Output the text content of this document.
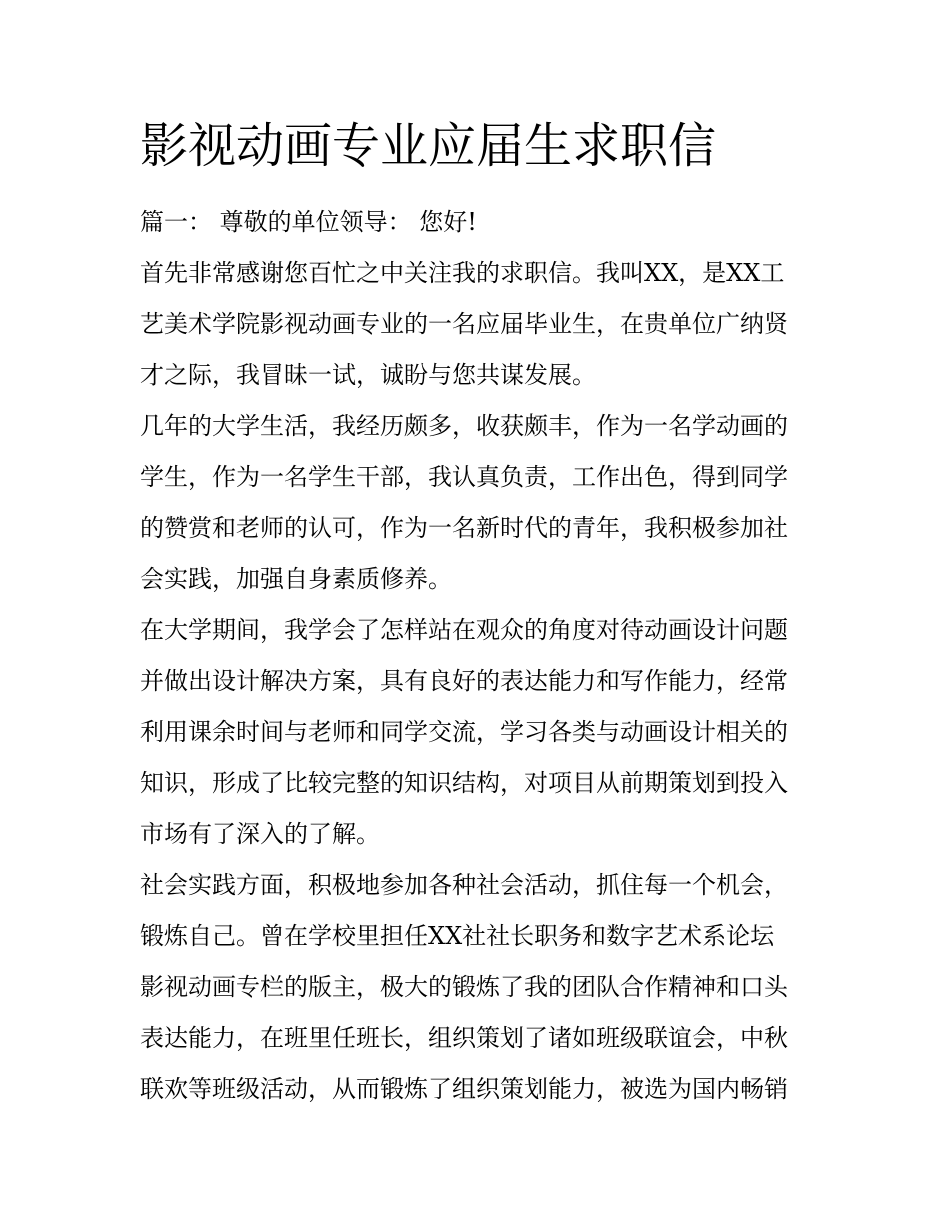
影视动画专业应届生求职信
篇一： 尊敬的单位领导： 您好!
首先非常感谢您百忙之中关注我的求职信。我叫XX，是XX工
艺美术学院影视动画专业的一名应届毕业生，在贵单位广纳贤
才之际，我冒昧一试，诚盼与您共谋发展。
几年的大学生活，我经历颇多，收获颇丰，作为一名学动画的
学生，作为一名学生干部，我认真负责，工作出色，得到同学
的赞赏和老师的认可，作为一名新时代的青年，我积极参加社
会实践，加强自身素质修养。
在大学期间，我学会了怎样站在观众的角度对待动画设计问题
并做出设计解决方案，具有良好的表达能力和写作能力，经常
利用课余时间与老师和同学交流，学习各类与动画设计相关的
知识，形成了比较完整的知识结构，对项目从前期策划到投入
市场有了深入的了解。
社会实践方面，积极地参加各种社会活动，抓住每一个机会，
锻炼自己。曾在学校里担任XX社社长职务和数字艺术系论坛
影视动画专栏的版主，极大的锻炼了我的团队合作精神和口头
表达能力，在班里任班长，组织策划了诸如班级联谊会，中秋
联欢等班级活动，从而锻炼了组织策划能力，被选为国内畅销
